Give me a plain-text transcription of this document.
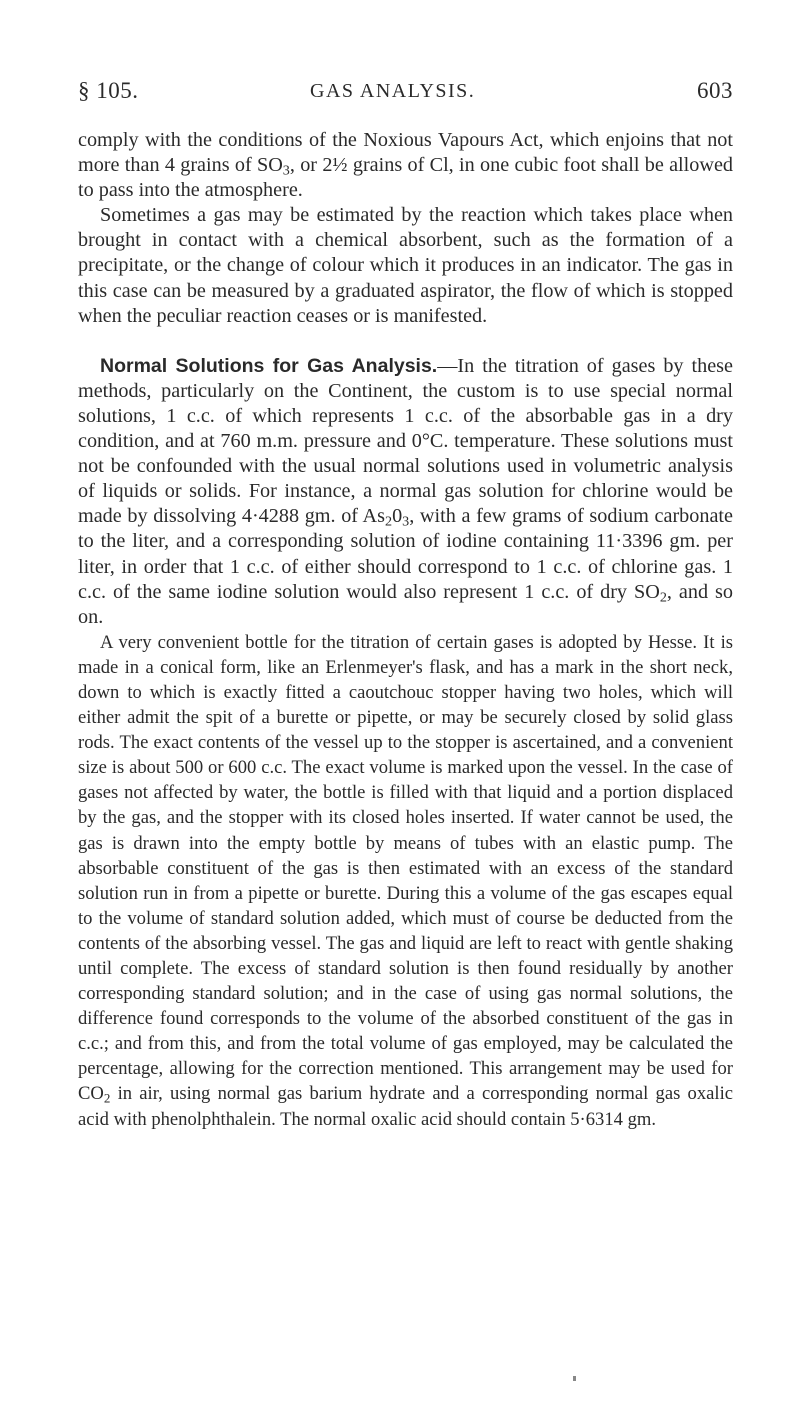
§ 105.	GAS ANALYSIS.	603

comply with the conditions of the Noxious Vapours Act, which enjoins that not more than 4 grains of $SO_3$, or 2½ grains of Cl, in one cubic foot shall be allowed to pass into the atmosphere.

Sometimes a gas may be estimated by the reaction which takes place when brought in contact with a chemical absorbent, such as the formation of a precipitate, or the change of colour which it produces in an indicator. The gas in this case can be measured by a graduated aspirator, the flow of which is stopped when the peculiar reaction ceases or is manifested.

Normal Solutions for Gas Analysis.—In the titration of gases by these methods, particularly on the Continent, the custom is to use special normal solutions, 1 c.c. of which represents 1 c.c. of the absorbable gas in a dry condition, and at 760 m.m. pressure and 0°C. temperature. These solutions must not be confounded with the usual normal solutions used in volumetric analysis of liquids or solids. For instance, a normal gas solution for chlorine would be made by dissolving 4·4288 gm. of $As_20_3$, with a few grams of sodium carbonate to the liter, and a corresponding solution of iodine containing 11·3396 gm. per liter, in order that 1 c.c. of either should correspond to 1 c.c. of chlorine gas. 1 c.c. of the same iodine solution would also represent 1 c.c. of dry $SO_2$, and so on.

A very convenient bottle for the titration of certain gases is adopted by Hesse. It is made in a conical form, like an Erlenmeyer's flask, and has a mark in the short neck, down to which is exactly fitted a caoutchouc stopper having two holes, which will either admit the spit of a burette or pipette, or may be securely closed by solid glass rods. The exact contents of the vessel up to the stopper is ascertained, and a convenient size is about 500 or 600 c.c. The exact volume is marked upon the vessel. In the case of gases not affected by water, the bottle is filled with that liquid and a portion displaced by the gas, and the stopper with its closed holes inserted. If water cannot be used, the gas is drawn into the empty bottle by means of tubes with an elastic pump. The absorbable constituent of the gas is then estimated with an excess of the standard solution run in from a pipette or burette. During this a volume of the gas escapes equal to the volume of standard solution added, which must of course be deducted from the contents of the absorbing vessel. The gas and liquid are left to react with gentle shaking until complete. The excess of standard solution is then found residually by another corresponding standard solution; and in the case of using gas normal solutions, the difference found corresponds to the volume of the absorbed constituent of the gas in c.c.; and from this, and from the total volume of gas employed, may be calculated the percentage, allowing for the correction mentioned. This arrangement may be used for $CO_2$ in air, using normal gas barium hydrate and a corresponding normal gas oxalic acid with phenolphthalein. The normal oxalic acid should contain 5·6314 gm.
